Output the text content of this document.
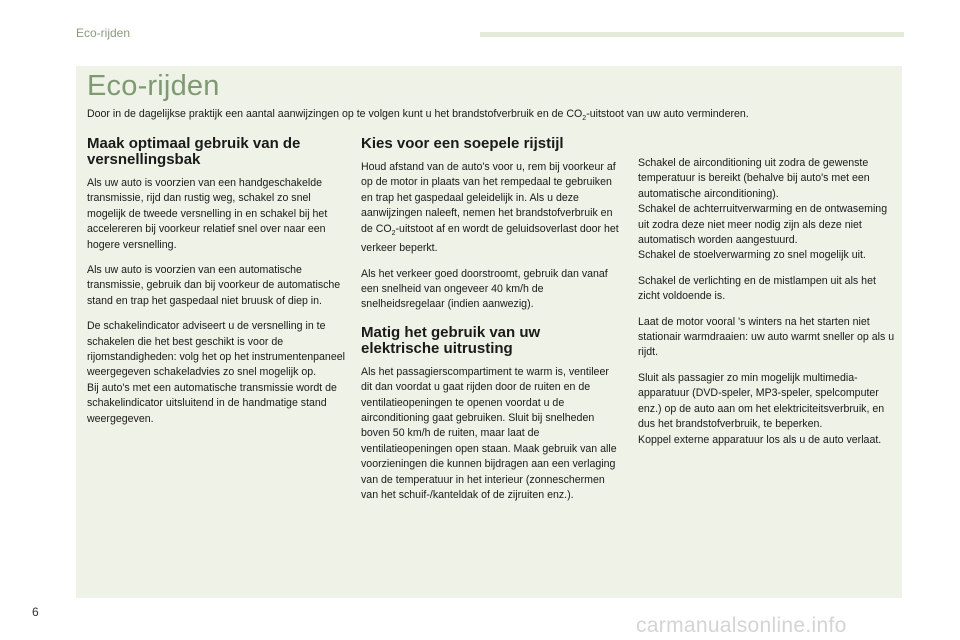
Eco-rijden
Eco-rijden
Door in de dagelijkse praktijk een aantal aanwijzingen op te volgen kunt u het brandstofverbruik en de $CO_2$-uitstoot van uw auto verminderen.
Maak optimaal gebruik van de versnellingsbak

Als uw auto is voorzien van een handgeschakelde transmissie, rijd dan rustig weg, schakel zo snel mogelijk de tweede versnelling in en schakel bij het accelereren bij voorkeur relatief snel over naar een hogere versnelling.

Als uw auto is voorzien van een automatische transmissie, gebruik dan bij voorkeur de automatische stand en trap het gaspedaal niet bruusk of diep in.

De schakelindicator adviseert u de versnelling in te schakelen die het best geschikt is voor de rijomstandigheden: volg het op het instrumentenpaneel weergegeven schakeladvies zo snel mogelijk op.

Bij auto's met een automatische transmissie wordt de schakelindicator uitsluitend in de handmatige stand weergegeven.

Kies voor een soepele rijstijl

Houd afstand van de auto's voor u, rem bij voorkeur af op de motor in plaats van het rempedaal te gebruiken en trap het gaspedaal geleidelijk in. Als u deze aanwijzingen naleeft, nemen het brandstofverbruik en de $CO_2$-uitstoot af en wordt de geluidsoverlast door het verkeer beperkt.

Als het verkeer goed doorstroomt, gebruik dan vanaf een snelheid van ongeveer 40 km/h de snelheidsregelaar (indien aanwezig).

Matig het gebruik van uw elektrische uitrusting

Als het passagierscompartiment te warm is, ventileer dit dan voordat u gaat rijden door de ruiten en de ventilatieopeningen te openen voordat u de airconditioning gaat gebruiken. Sluit bij snelheden boven 50 km/h de ruiten, maar laat de ventilatieopeningen open staan. Maak gebruik van alle voorzieningen die kunnen bijdragen aan een verlaging van de temperatuur in het interieur (zonneschermen van het schuif-/kanteldak of de zijruiten enz.).

Schakel de airconditioning uit zodra de gewenste temperatuur is bereikt (behalve bij auto's met een automatische airconditioning).

Schakel de achterruitverwarming en de ontwaseming uit zodra deze niet meer nodig zijn als deze niet automatisch worden aangestuurd.

Schakel de stoelverwarming zo snel mogelijk uit.

Schakel de verlichting en de mistlampen uit als het zicht voldoende is.

Laat de motor vooral 's winters na het starten niet stationair warmdraaien: uw auto warmt sneller op als u rijdt.

Sluit als passagier zo min mogelijk multimedia-apparatuur (DVD-speler, MP3-speler, spelcomputer enz.) op de auto aan om het elektriciteitsverbruik, en dus het brandstofverbruik, te beperken.

Koppel externe apparatuur los als u de auto verlaat.

6
carmanualsonline.info
